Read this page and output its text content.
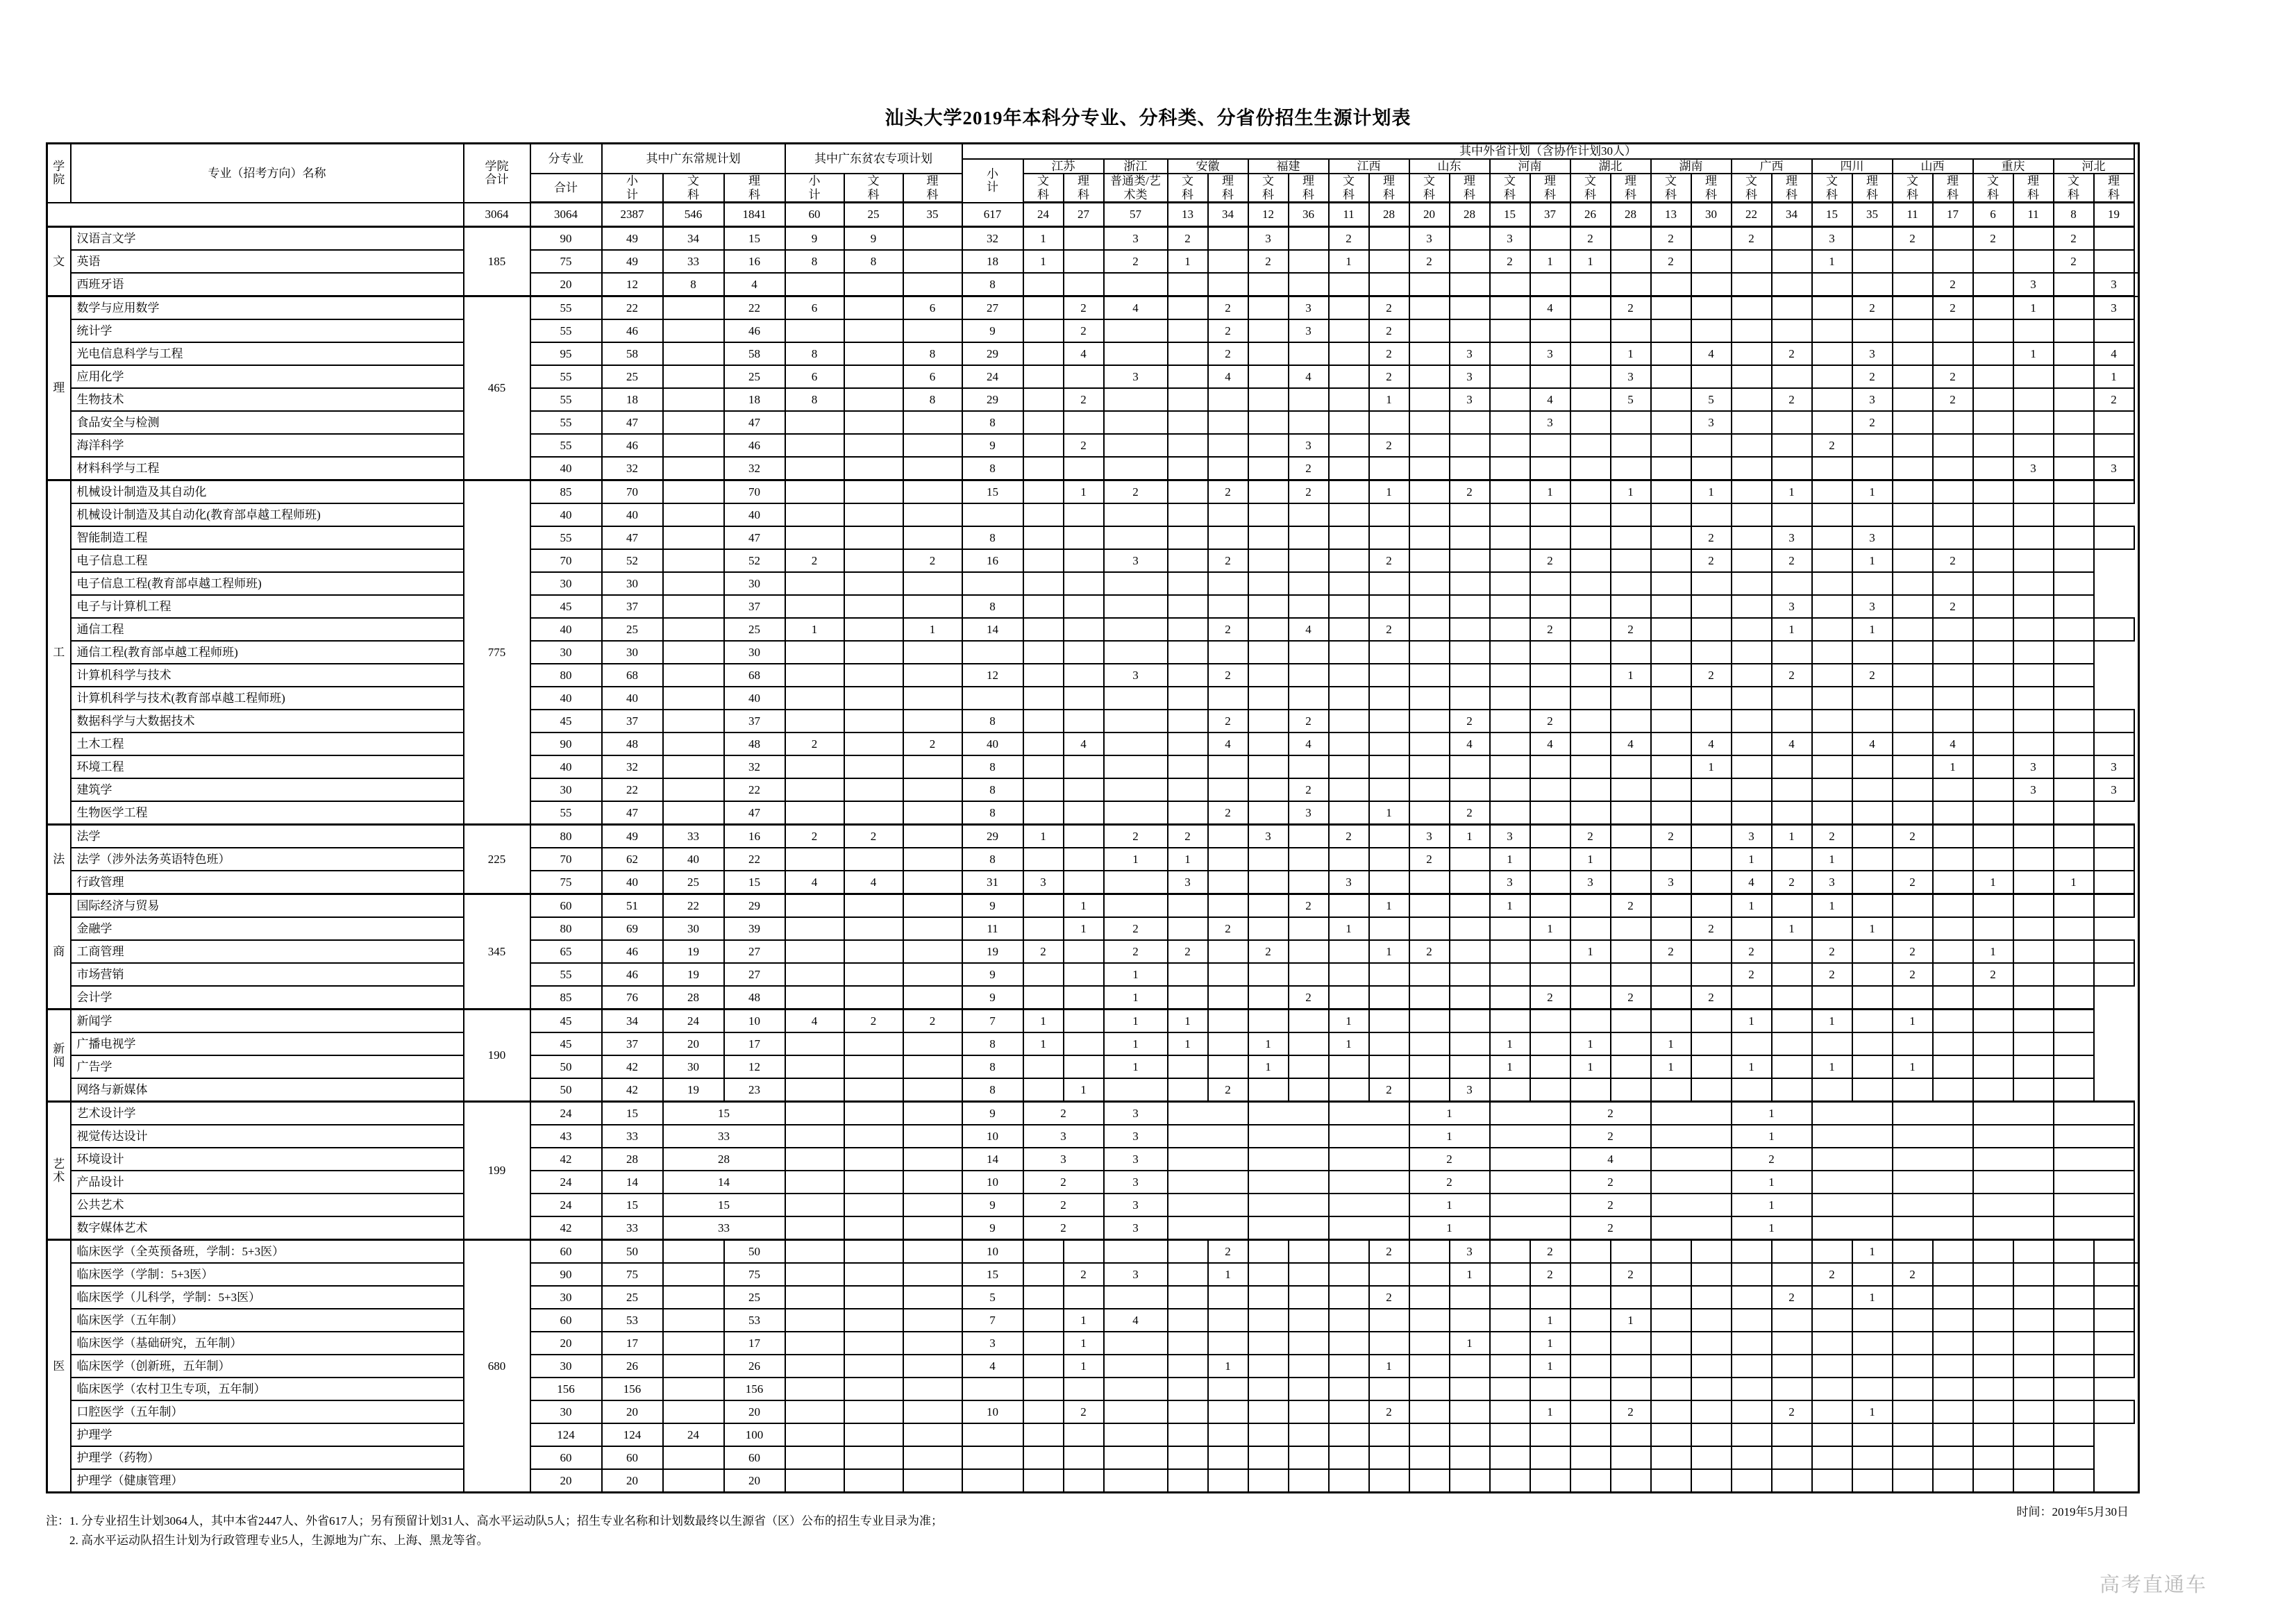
汕头大学2019年本科分专业、分科类、分省份招生生源计划表
学院	专业（招考方向）名称	学院合计	分专业	其中广东常规计划			其中广东贫农专项计划			其中外省计划（含协作计划30人）																												

										小计	江苏		浙江	安徽		福建		江西		山东		河南		湖北		湖南		广西		四川		山西		重庆		河北		
			合计	小计	文科	理科	小计	文科	理科		文科	理科	普通类/艺术类	文科	理科	文科	理科	文科	理科	文科	理科	文科	理科	文科	理科	文科	理科	文科	理科	文科	理科	文科	理科	文科	理科	文科	理科	

		3064	3064	2387	546	1841	60	25	35	617	24	27	57	13	34	12	36	11	28	20	28	15	37	26	28	13	30	22	34	15	35	11	17	6	11	8	19	

文	汉语言文学	185	90	49	34	15	9	9		32	1		3	2		3		2		3		3		2		2		2		3		2		2		2		
	英语		75	49	33	16	8	8		18	1		2	1		2		1		2		2	1	1		2				1						2		
	西班牙语		20	12	8	4				8																							2		3		3	

理	数学与应用数学	465	55	22		22	6		6	27		2	4		2		3		2				4		2						2		2		1		3	
	统计学		55	46		46				9		2			2		3		2																			
	光电信息科学与工程		95	58		58	8		8	29		4			2				2		3		3		1		4		2		3				1		4	
	应用化学		55	25		25	6		6	24			3		4		4		2		3				3						2		2				1	
	生物技术		55	18		18	8		8	29		2							1		3		4		5		5		2		3		2				2	
	食品安全与检测		55	47		47				8													3				3				2							
	海洋科学		55	46		46				9		2					3		2											2								
	材料科学与工程		40	32		32				8							2																		3		3	

工	机械设计制造及其自动化	775	85	70		70				15		1	2		2		2		1		2		1		1		1		1		1							
	机械设计制造及其自动化(教育部卓越工程师班)		40	40		40																																
	智能制造工程		55	47		47				8																	2		3		3							
	电子信息工程		70	52		52	2		2	16			3		2				2				2				2		2		1		2					
	电子信息工程(教育部卓越工程师班)		30	30		30																																
	电子与计算机工程		45	37		37				8																			3		3		2					
	通信工程		40	25		25	1		1	14					2		4		2				2		2				1		1							
	通信工程(教育部卓越工程师班)		30	30		30																																
	计算机科学与技术		80	68		68				12			3		2										1		2		2		2							
	计算机科学与技术(教育部卓越工程师班)		40	40		40																																
	数据科学与大数据技术		45	37		37				8					2		2				2		2															
	土木工程		90	48		48	2		2	40		4			4		4				4		4		4		4		4		4		4					
	环境工程		40	32		32				8																	1						1		3		3	
	建筑学		30	22		22				8							2																		3		3	
	生物医学工程		55	47		47				8					2		3		1		2																	

法	法学	225	80	49	33	16	2	2		29	1		2	2		3		2		3	1	3		2		2		3	1	2		2						
	法学（涉外法务英语特色班）		70	62	40	22				8			1	1						2		1		1				1		1								
	行政管理		75	40	25	15	4	4		31	3			3				3				3		3		3		4	2	3		2		1		1		

商	国际经济与贸易	345	60	51	22	29				9		1					2		1			1			2			1		1								
	金融学		80	69	30	39				11		1	2		2			1					1				2		1		1							
	工商管理		65	46	19	27				19	2		2	2		2			1	2				1		2		2		2		2		1				
	市场营销		55	46	19	27				9			1															2		2		2		2				
	会计学		85	76	28	48				9			1				2						2		2		2											

新闻	新闻学	190	45	34	24	10	4	2	2	7	1		1	1				1										1		1		1						
	广播电视学		45	37	20	17				8	1		1	1		1		1				1		1		1												
	广告学		50	42	30	12				8			1			1						1		1		1		1		1		1						
	网络与新媒体		50	42	19	23				8		1			2				2		3																	

艺术	艺术设计学	199	24	15	15					9	2		3							1				2				1										
	视觉传达设计		43	33	33					10	3		3							1				2				1										
	环境设计		42	28	28					14	3		3							2				4				2										
	产品设计		24	14	14					10	2		3							2				2				1										
	公共艺术		24	15	15					9	2		3							1				2				1										
	数字媒体艺术		42	33	33					9	2		3							1				2				1										

医	临床医学（全英预备班，学制：5+3医）	680	60	50		50				10					2				2		3		2								1							
	临床医学（学制：5+3医）		90	75		75				15		2	3		1						1		2		2					2		2						
	临床医学（儿科学，学制：5+3医）		30	25		25				5									2										2		1							
	临床医学（五年制）		60	53		53				7		1	4										1		1													
	临床医学（基础研究，五年制）		20	17		17				3		1									1		1															
	临床医学（创新班，五年制）		30	26		26				4		1			1				1				1															
	临床医学（农村卫生专项，五年制）		156	156		156																																
	口腔医学（五年制）		30	20		20				10		2							2				1		2				2		1							
	护理学		124	124	24	100																																
	护理学（药物）		60	60		60																																
	护理学（健康管理）		20	20		20																																
时间：2019年5月30日
注：1. 分专业招生计划3064人，其中本省2447人、外省617人；另有预留计划31人、高水平运动队5人；招生专业名称和计划数最终以生源省（区）公布的招生专业目录为准；
2. 高水平运动队招生计划为行政管理专业5人，生源地为广东、上海、黑龙等省。
高考直通车
